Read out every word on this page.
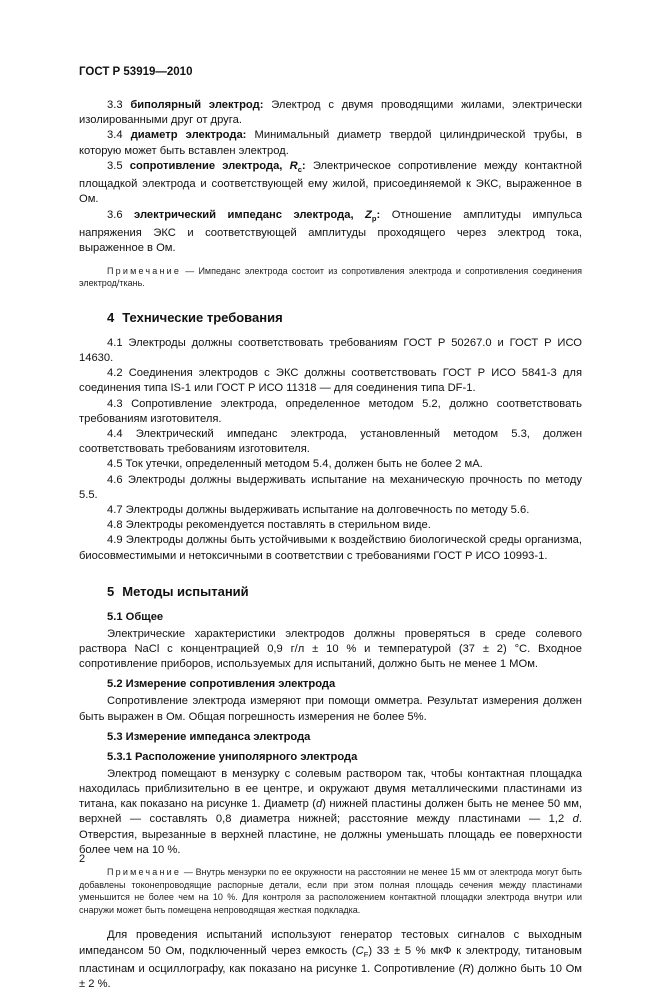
ГОСТ Р 53919—2010

3.3 биполярный электрод: Электрод с двумя проводящими жилами, электрически изолированными друг от друга.

3.4 диаметр электрода: Минимальный диаметр твердой цилиндрической трубы, в которую может быть вставлен электрод.

3.5 сопротивление электрода, $R_c$: Электрическое сопротивление между контактной площадкой электрода и соответствующей ему жилой, присоединяемой к ЭКС, выраженное в Ом.

3.6 электрический импеданс электрода, $Z_p$: Отношение амплитуды импульса напряжения ЭКС и соответствующей амплитуды проходящего через электрод тока, выраженное в Ом.

Примечание — Импеданс электрода состоит из сопротивления электрода и сопротивления соединения электрод/ткань.

4 Технические требования

4.1 Электроды должны соответствовать требованиям ГОСТ Р 50267.0 и ГОСТ Р ИСО 14630.

4.2 Соединения электродов с ЭКС должны соответствовать ГОСТ Р ИСО 5841-3 для соединения типа IS-1 или ГОСТ Р ИСО 11318 — для соединения типа DF-1.

4.3 Сопротивление электрода, определенное методом 5.2, должно соответствовать требованиям изготовителя.

4.4 Электрический импеданс электрода, установленный методом 5.3, должен соответствовать требованиям изготовителя.

4.5 Ток утечки, определенный методом 5.4, должен быть не более 2 мА.

4.6 Электроды должны выдерживать испытание на механическую прочность по методу 5.5.

4.7 Электроды должны выдерживать испытание на долговечность по методу 5.6.

4.8 Электроды рекомендуется поставлять в стерильном виде.

4.9 Электроды должны быть устойчивыми к воздействию биологической среды организма, биосовместимыми и нетоксичными в соответствии с требованиями ГОСТ Р ИСО 10993-1.

5 Методы испытаний
5.1 Общее

Электрические характеристики электродов должны проверяться в среде солевого раствора NaCl с концентрацией 0,9 г/л ± 10 % и температурой (37 ± 2) °С. Входное сопротивление приборов, используемых для испытаний, должно быть не менее 1 МОм.

5.2 Измерение сопротивления электрода

Сопротивление электрода измеряют при помощи омметра. Результат измерения должен быть выражен в Ом. Общая погрешность измерения не более 5%.

5.3 Измерение импеданса электрода
5.3.1 Расположение униполярного электрода

Электрод помещают в мензурку с солевым раствором так, чтобы контактная площадка находилась приблизительно в ее центре, и окружают двумя металлическими пластинами из титана, как показано на рисунке 1. Диаметр (d) нижней пластины должен быть не менее 50 мм, верхней — составлять 0,8 диаметра нижней; расстояние между пластинами — 1,2 d. Отверстия, вырезанные в верхней пластине, не должны уменьшать площадь ее поверхности более чем на 10 %.

Примечание — Внутрь мензурки по ее окружности на расстоянии не менее 15 мм от электрода могут быть добавлены токонепроводящие распорные детали, если при этом полная площадь сечения между пластинами уменьшится не более чем на 10 %. Для контроля за расположением контактной площадки электрода внутри или снаружи может быть помещена непроводящая жесткая подкладка.

Для проведения испытаний используют генератор тестовых сигналов с выходным импедансом 50 Ом, подключенный через емкость $(C_F) 33 \pm 5$ % мкФ к электроду, титановым пластинам и осциллографу, как показано на рисунке 1. Сопротивление (R) должно быть 10 Ом ± 2 %.

2
